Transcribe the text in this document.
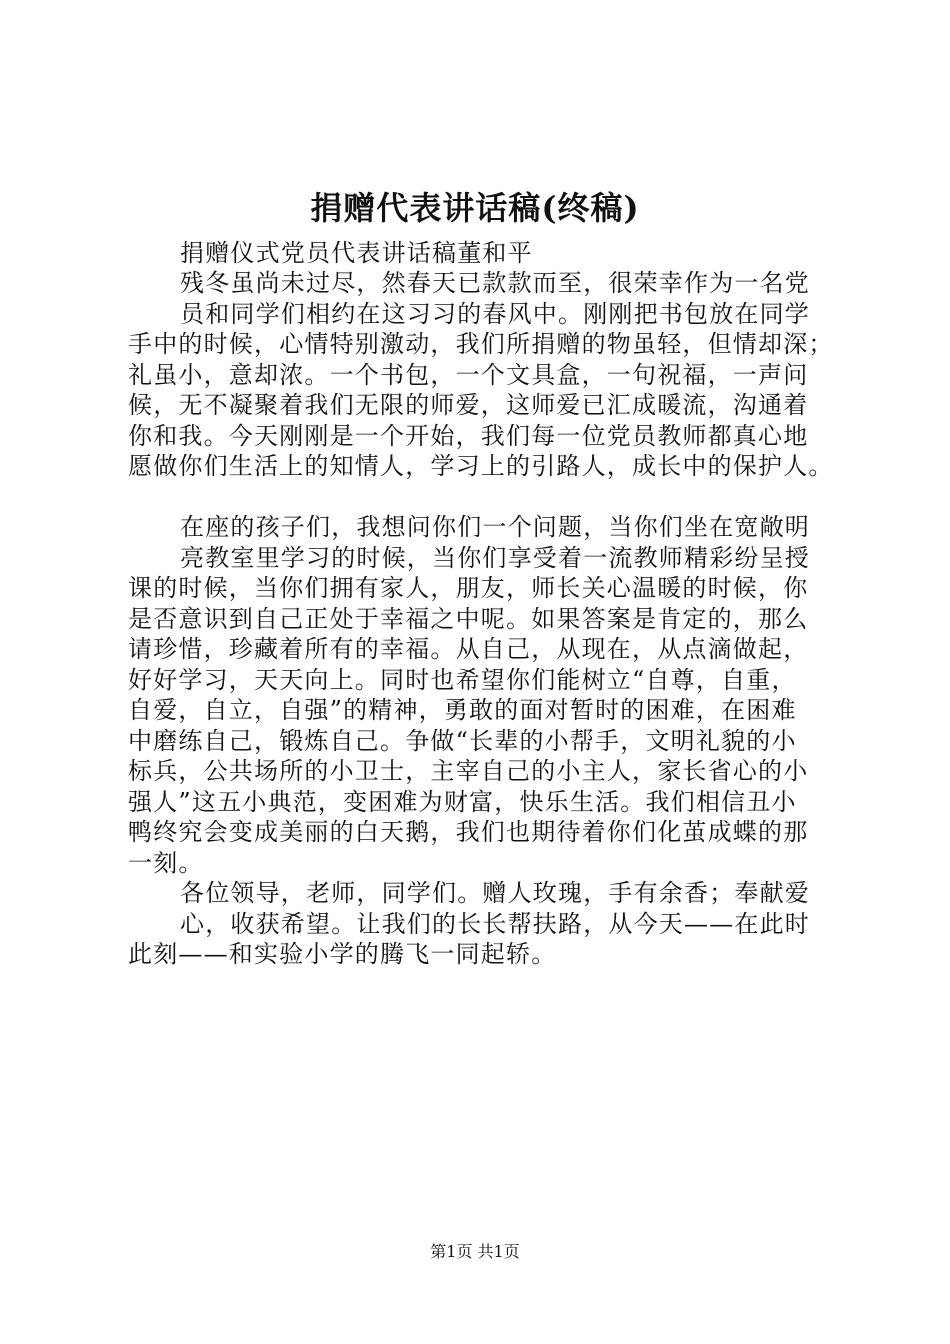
捐赠代表讲话稿(终稿)
捐赠仪式党员代表讲话稿董和平
残冬虽尚未过尽，然春天已款款而至，很荣幸作为一名党
员和同学们相约在这习习的春风中。刚刚把书包放在同学
手中的时候，心情特别激动，我们所捐赠的物虽轻，但情却深；
礼虽小，意却浓。一个书包，一个文具盒，一句祝福，一声问
候，无不凝聚着我们无限的师爱，这师爱已汇成暖流，沟通着
你和我。今天刚刚是一个开始，我们每一位党员教师都真心地
愿做你们生活上的知情人，学习上的引路人，成长中的保护人。
在座的孩子们，我想问你们一个问题，当你们坐在宽敞明
亮教室里学习的时候，当你们享受着一流教师精彩纷呈授
课的时候，当你们拥有家人，朋友，师长关心温暖的时候，你
是否意识到自己正处于幸福之中呢。如果答案是肯定的，那么
请珍惜，珍藏着所有的幸福。从自己，从现在，从点滴做起，
好好学习，天天向上。同时也希望你们能树立“自尊，自重，
自爱，自立，自强”的精神，勇敢的面对暂时的困难，在困难
中磨练自己，锻炼自己。争做“长辈的小帮手，文明礼貌的小
标兵，公共场所的小卫士，主宰自己的小主人，家长省心的小
强人”这五小典范，变困难为财富，快乐生活。我们相信丑小
鸭终究会变成美丽的白天鹅，我们也期待着你们化茧成蝶的那
一刻。
各位领导，老师，同学们。赠人玫瑰，手有余香；奉献爱
心，收获希望。让我们的长长帮扶路，从今天——在此时
此刻——和实验小学的腾飞一同起轿。
第1页 共1页
